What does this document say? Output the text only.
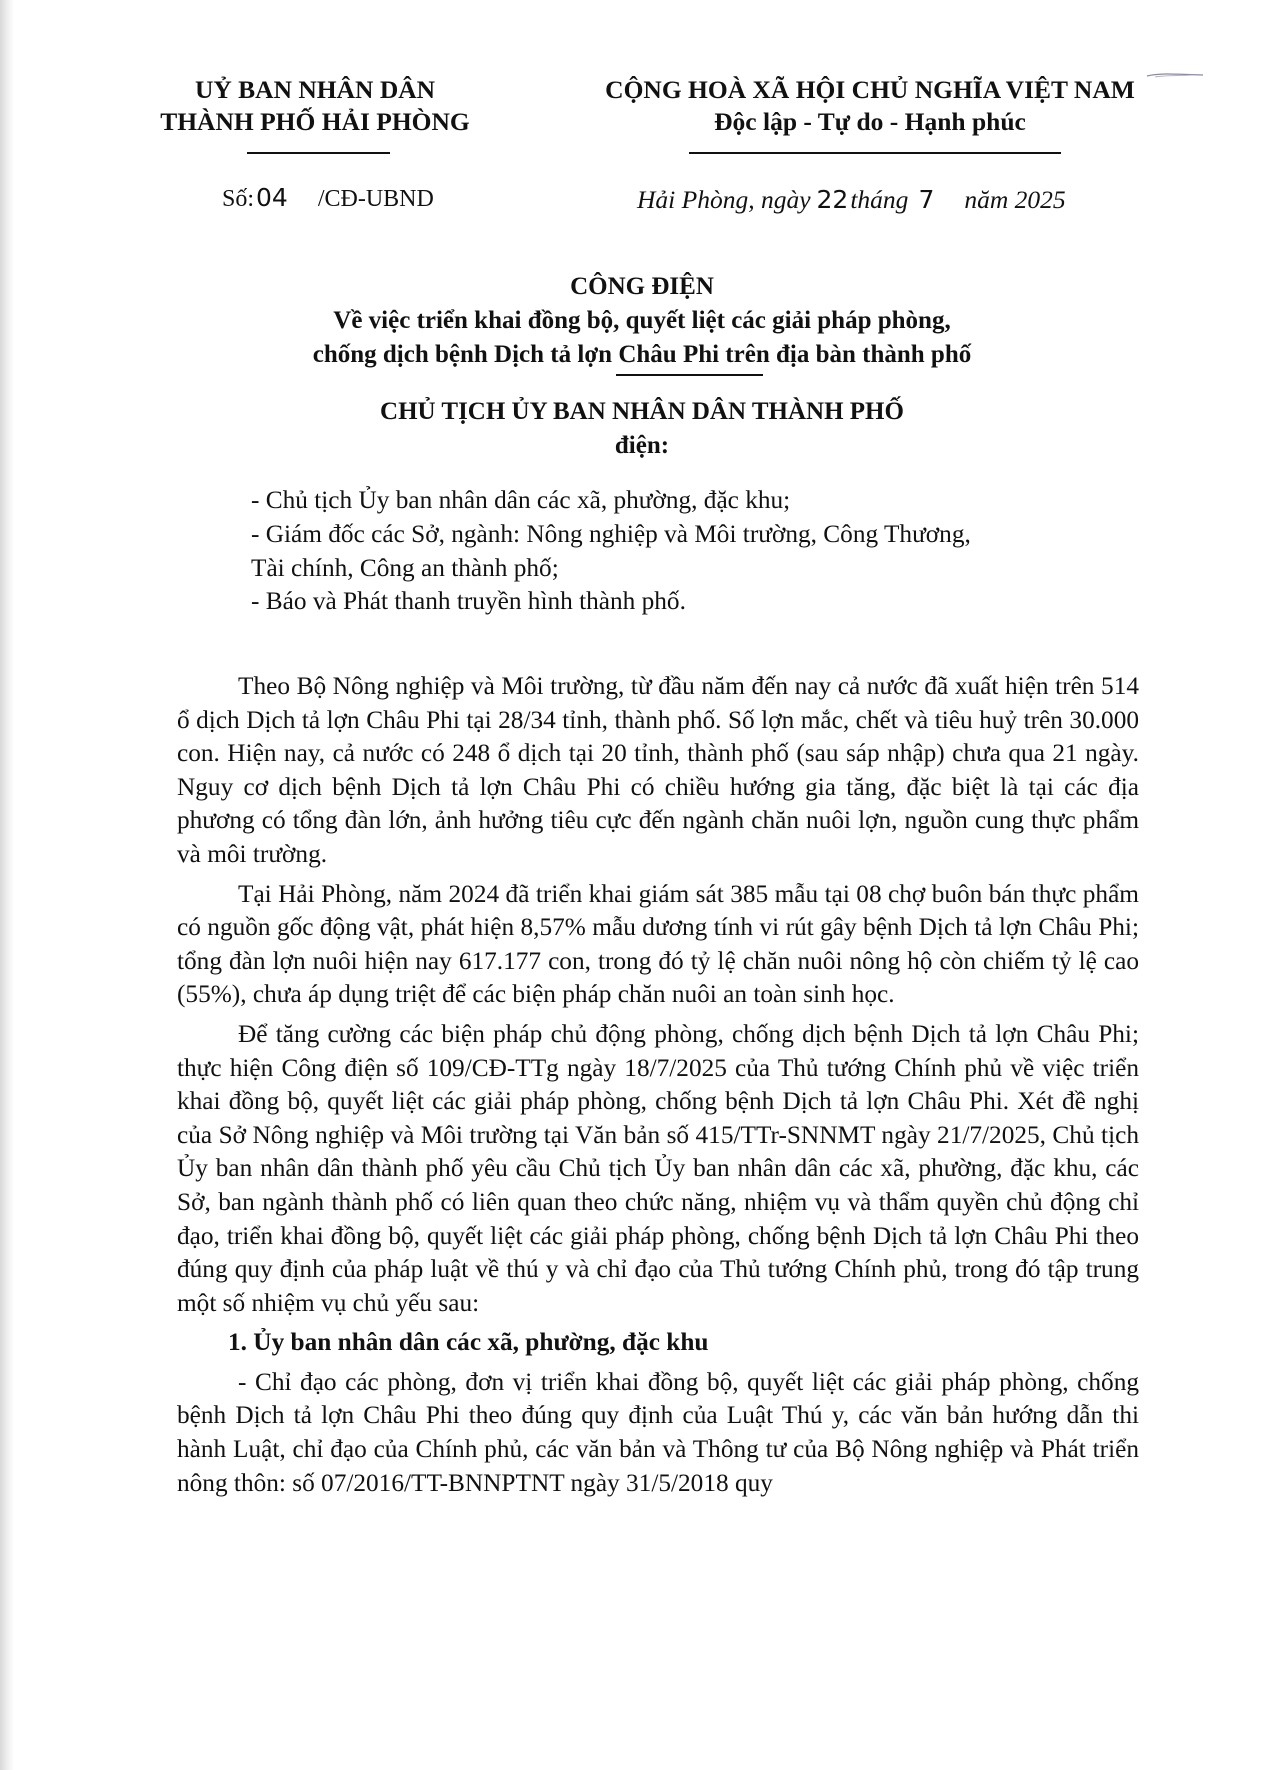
UỶ BAN NHÂN DÂN
THÀNH PHỐ HẢI PHÒNG
CỘNG HOÀ XÃ HỘI CHỦ NGHĨA VIỆT NAM
Độc lập - Tự do - Hạnh phúc
Số:04 /CĐ-UBND	Hải Phòng, ngày 22tháng 7 năm 2025
CÔNG ĐIỆN
Về việc triển khai đồng bộ, quyết liệt các giải pháp phòng,
chống dịch bệnh Dịch tả lợn Châu Phi trên địa bàn thành phố
CHỦ TỊCH ỦY BAN NHÂN DÂN THÀNH PHỐ
điện:
- Chủ tịch Ủy ban nhân dân các xã, phường, đặc khu;
- Giám đốc các Sở, ngành: Nông nghiệp và Môi trường, Công Thương,
Tài chính, Công an thành phố;
- Báo và Phát thanh truyền hình thành phố.

Theo Bộ Nông nghiệp và Môi trường, từ đầu năm đến nay cả nước đã xuất hiện trên 514 ổ dịch Dịch tả lợn Châu Phi tại 28/34 tỉnh, thành phố. Số lợn mắc, chết và tiêu huỷ trên 30.000 con. Hiện nay, cả nước có 248 ổ dịch tại 20 tỉnh, thành phố (sau sáp nhập) chưa qua 21 ngày. Nguy cơ dịch bệnh Dịch tả lợn Châu Phi có chiều hướng gia tăng, đặc biệt là tại các địa phương có tổng đàn lớn, ảnh hưởng tiêu cực đến ngành chăn nuôi lợn, nguồn cung thực phẩm và môi trường.

Tại Hải Phòng, năm 2024 đã triển khai giám sát 385 mẫu tại 08 chợ buôn bán thực phẩm có nguồn gốc động vật, phát hiện 8,57% mẫu dương tính vi rút gây bệnh Dịch tả lợn Châu Phi; tổng đàn lợn nuôi hiện nay 617.177 con, trong đó tỷ lệ chăn nuôi nông hộ còn chiếm tỷ lệ cao (55%), chưa áp dụng triệt để các biện pháp chăn nuôi an toàn sinh học.

Để tăng cường các biện pháp chủ động phòng, chống dịch bệnh Dịch tả lợn Châu Phi; thực hiện Công điện số 109/CĐ-TTg ngày 18/7/2025 của Thủ tướng Chính phủ về việc triển khai đồng bộ, quyết liệt các giải pháp phòng, chống bệnh Dịch tả lợn Châu Phi. Xét đề nghị của Sở Nông nghiệp và Môi trường tại Văn bản số 415/TTr-SNNMT ngày 21/7/2025, Chủ tịch Ủy ban nhân dân thành phố yêu cầu Chủ tịch Ủy ban nhân dân các xã, phường, đặc khu, các Sở, ban ngành thành phố có liên quan theo chức năng, nhiệm vụ và thẩm quyền chủ động chỉ đạo, triển khai đồng bộ, quyết liệt các giải pháp phòng, chống bệnh Dịch tả lợn Châu Phi theo đúng quy định của pháp luật về thú y và chỉ đạo của Thủ tướng Chính phủ, trong đó tập trung một số nhiệm vụ chủ yếu sau:

1. Ủy ban nhân dân các xã, phường, đặc khu

- Chỉ đạo các phòng, đơn vị triển khai đồng bộ, quyết liệt các giải pháp phòng, chống bệnh Dịch tả lợn Châu Phi theo đúng quy định của Luật Thú y, các văn bản hướng dẫn thi hành Luật, chỉ đạo của Chính phủ, các văn bản và Thông tư của Bộ Nông nghiệp và Phát triển nông thôn: số 07/2016/TT-BNNPTNT ngày 31/5/2018 quy
